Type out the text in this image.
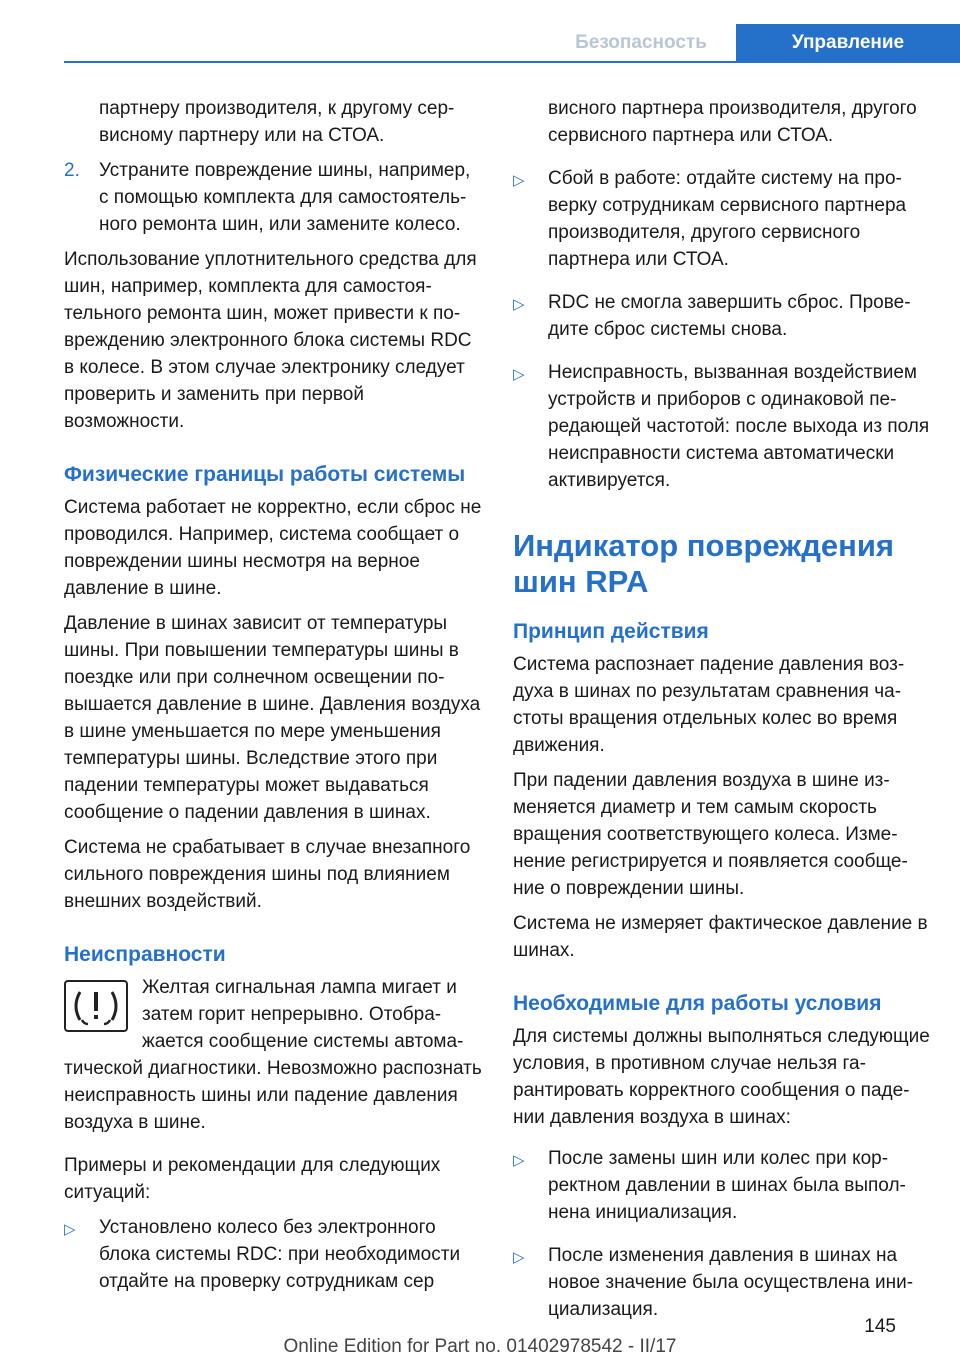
Безопасность	Управление

партнеру производителя, к другому сервисному партнеру или на СТОА.

2.	Устраните повреждение шины, например, с помощью комплекта для самостоятельного ремонта шин, или замените колесо.

Использование уплотнительного средства для шин, например, комплекта для самостоятельного ремонта шин, может привести к повреждению электронного блока системы RDC в колесе. В этом случае электронику следует проверить и заменить при первой возможности.

Физические границы работы системы

Система работает не корректно, если сброс не проводился. Например, система сообщает о повреждении шины несмотря на верное давление в шине.

Давление в шинах зависит от температуры шины. При повышении температуры шины в поездке или при солнечном освещении повышается давление в шине. Давления воздуха в шине уменьшается по мере уменьшения температуры шины. Вследствие этого при падении температуры может выдаваться сообщение о падении давления в шинах.

Система не срабатывает в случае внезапного сильного повреждения шины под влиянием внешних воздействий.

Неисправности
Желтая сигнальная лампа мигает и затем горит непрерывно. Отображается сообщение системы автоматической диагностики. Невозможно распознать неисправность шины или падение давления воздуха в шине.

Примеры и рекомендации для следующих ситуаций:

▷	Установлено колесо без электронного блока системы RDC: при необходимости отдайте на проверку сотрудникам сер

висного партнера производителя, другого сервисного партнера или СТОА.

▷	Сбой в работе: отдайте систему на проверку сотрудникам сервисного партнера производителя, другого сервисного партнера или СТОА.
▷	RDC не смогла завершить сброс. Проведите сброс системы снова.
▷	Неисправность, вызванная воздействием устройств и приборов с одинаковой передающей частотой: после выхода из поля неисправности система автоматически активируется.
Индикатор повреждения шин RPA
Принцип действия

Система распознает падение давления воздуха в шинах по результатам сравнения частоты вращения отдельных колес во время движения.

При падении давления воздуха в шине изменяется диаметр и тем самым скорость вращения соответствующего колеса. Изменение регистрируется и появляется сообщение о повреждении шины.

Система не измеряет фактическое давление в шинах.

Необходимые для работы условия

Для системы должны выполняться следующие условия, в противном случае нельзя гарантировать корректного сообщения о падении давления воздуха в шинах:

▷	После замены шин или колес при корректном давлении в шинах была выполнена инициализация.
▷	После изменения давления в шинах на новое значение была осуществлена инициализация.
145
Online Edition for Part no. 01402978542 - II/17
